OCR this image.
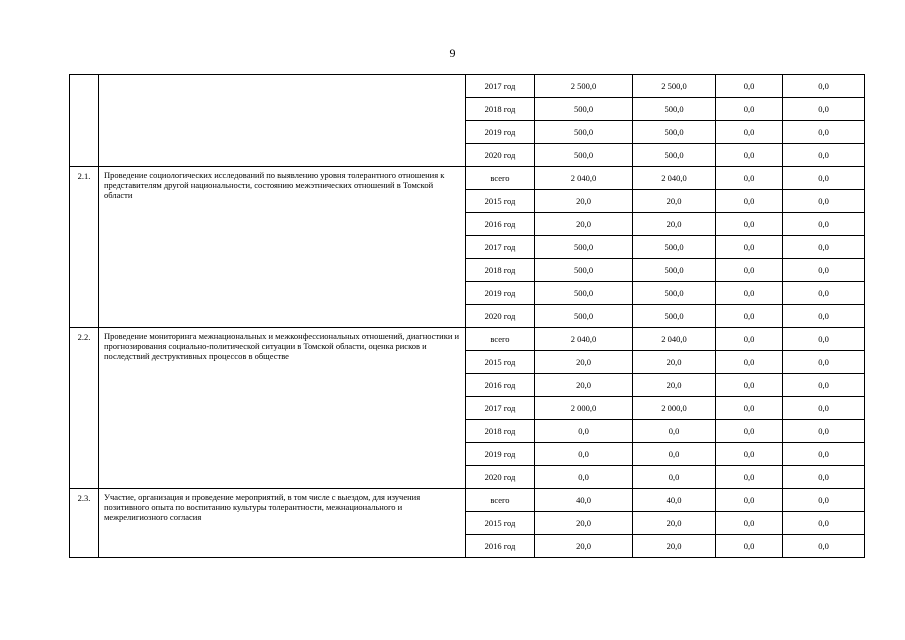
9
		2017 год	2 500,0	2 500,0	0,0	0,0
		2018 год	500,0	500,0	0,0	0,0
		2019 год	500,0	500,0	0,0	0,0
		2020 год	500,0	500,0	0,0	0,0
2.1.	Проведение социологических исследований по выявлению уровня толерантного отношения к представителям другой национальности, состоянию межэтнических отношений в Томской области	всего	2 040,0	2 040,0	0,0	0,0
		2015 год	20,0	20,0	0,0	0,0
		2016 год	20,0	20,0	0,0	0,0
		2017 год	500,0	500,0	0,0	0,0
		2018 год	500,0	500,0	0,0	0,0
		2019 год	500,0	500,0	0,0	0,0
		2020 год	500,0	500,0	0,0	0,0
2.2.	Проведение мониторинга межнациональных и межконфессиональных отношений, диагностики и прогнозирования социально-политической ситуации в Томской области, оценка рисков и последствий деструктивных процессов в обществе	всего	2 040,0	2 040,0	0,0	0,0
		2015 год	20,0	20,0	0,0	0,0
		2016 год	20,0	20,0	0,0	0,0
		2017 год	2 000,0	2 000,0	0,0	0,0
		2018 год	0,0	0,0	0,0	0,0
		2019 год	0,0	0,0	0,0	0,0
		2020 год	0,0	0,0	0,0	0,0
2.3.	Участие, организация и проведение мероприятий, в том числе с выездом, для изучения позитивного опыта по воспитанию культуры толерантности, межнационального и межрелигиозного согласия	всего	40,0	40,0	0,0	0,0
		2015 год	20,0	20,0	0,0	0,0
		2016 год	20,0	20,0	0,0	0,0
